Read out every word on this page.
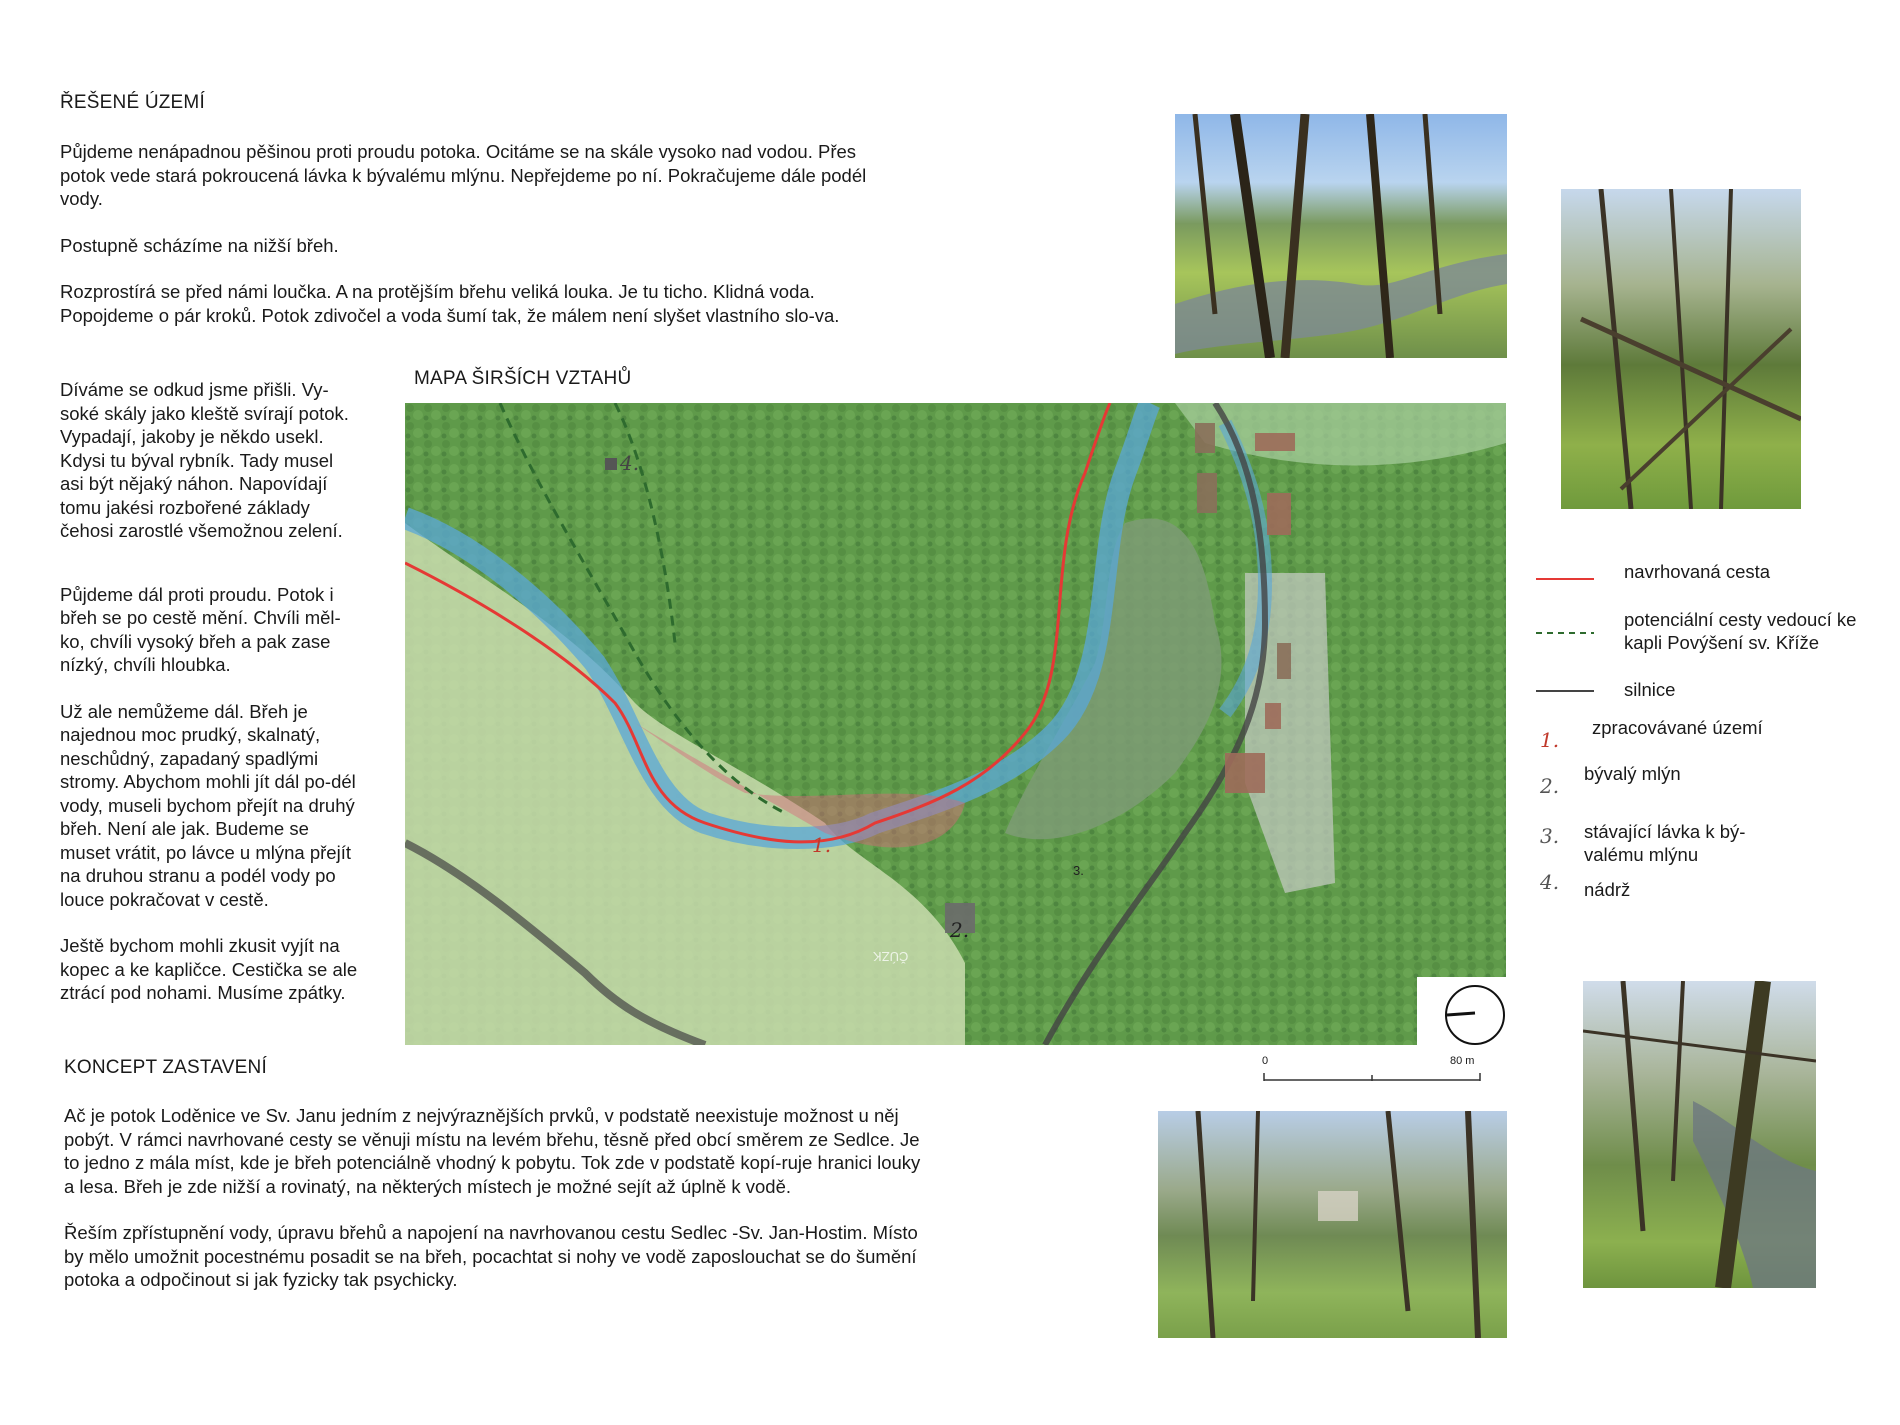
ŘEŠENÉ ÚZEMÍ

Půjdeme nenápadnou pěšinou proti proudu potoka. Ocitáme se na skále vysoko nad vodou. Přes potok vede stará pokroucená lávka k bývalému mlýnu. Nepřejdeme po ní. Pokračujeme dále podél vody.

Postupně scházíme na nižší břeh.

Rozprostírá se před námi loučka. A na protějším břehu veliká louka. Je tu ticho. Klidná voda. Popojdeme o pár kroků. Potok zdivočel a voda šumí tak, že málem není slyšet vlastního slo-va.

Díváme se odkud jsme přišli. Vy-soké skály jako kleště svírají potok. Vypadají, jakoby je někdo usekl. Kdysi tu býval rybník. Tady musel asi být nějaký náhon. Napovídají tomu jakési rozbořené základy čehosi zarostlé všemožnou zelení.

Půjdeme dál proti proudu. Potok i břeh se po cestě mění. Chvíli měl-ko, chvíli vysoký břeh a pak zase nízký, chvíli hloubka.

Už ale nemůžeme dál. Břeh je najednou moc prudký, skalnatý, neschůdný, zapadaný spadlými stromy. Abychom mohli jít dál po-dél vody, museli bychom přejít na druhý břeh. Není ale jak. Budeme se muset vrátit, po lávce u mlýna přejít na druhou stranu a podél vody po louce pokračovat v cestě.

Ještě bychom mohli zkusit vyjít na kopec a ke kapličce. Cestička se ale ztrácí pod nohami. Musíme zpátky.

MAPA ŠIRŠÍCH VZTAHŮ
1.
2.
3.
4.
ČÚZK
0	80 m
navrhovaná cesta
potenciální cesty vedoucí ke kapli Povýšení sv. Kříže
silnice
1.
zpracovávané území
2.
bývalý mlýn
3. stávající lávka k bý-valému mlýnu
4. nádrž
KONCEPT ZASTAVENÍ

Ač je potok Loděnice ve Sv. Janu jedním z nejvýraznějších prvků, v podstatě neexistuje možnost u něj pobýt. V rámci navrhované cesty se věnuji místu na levém břehu, těsně před obcí směrem ze Sedlce. Je to jedno z mála míst, kde je břeh potenciálně vhodný k pobytu. Tok zde v podstatě kopí-ruje hranici louky a lesa. Břeh je zde nižší a rovinatý, na některých místech je možné sejít až úplně k vodě.

Řeším zpřístupnění vody, úpravu břehů a napojení na navrhovanou cestu Sedlec -Sv. Jan-Hostim. Místo by mělo umožnit pocestnému posadit se na břeh, pocachtat si nohy ve vodě zaposlouchat se do šumění potoka a odpočinout si jak fyzicky tak psychicky.
